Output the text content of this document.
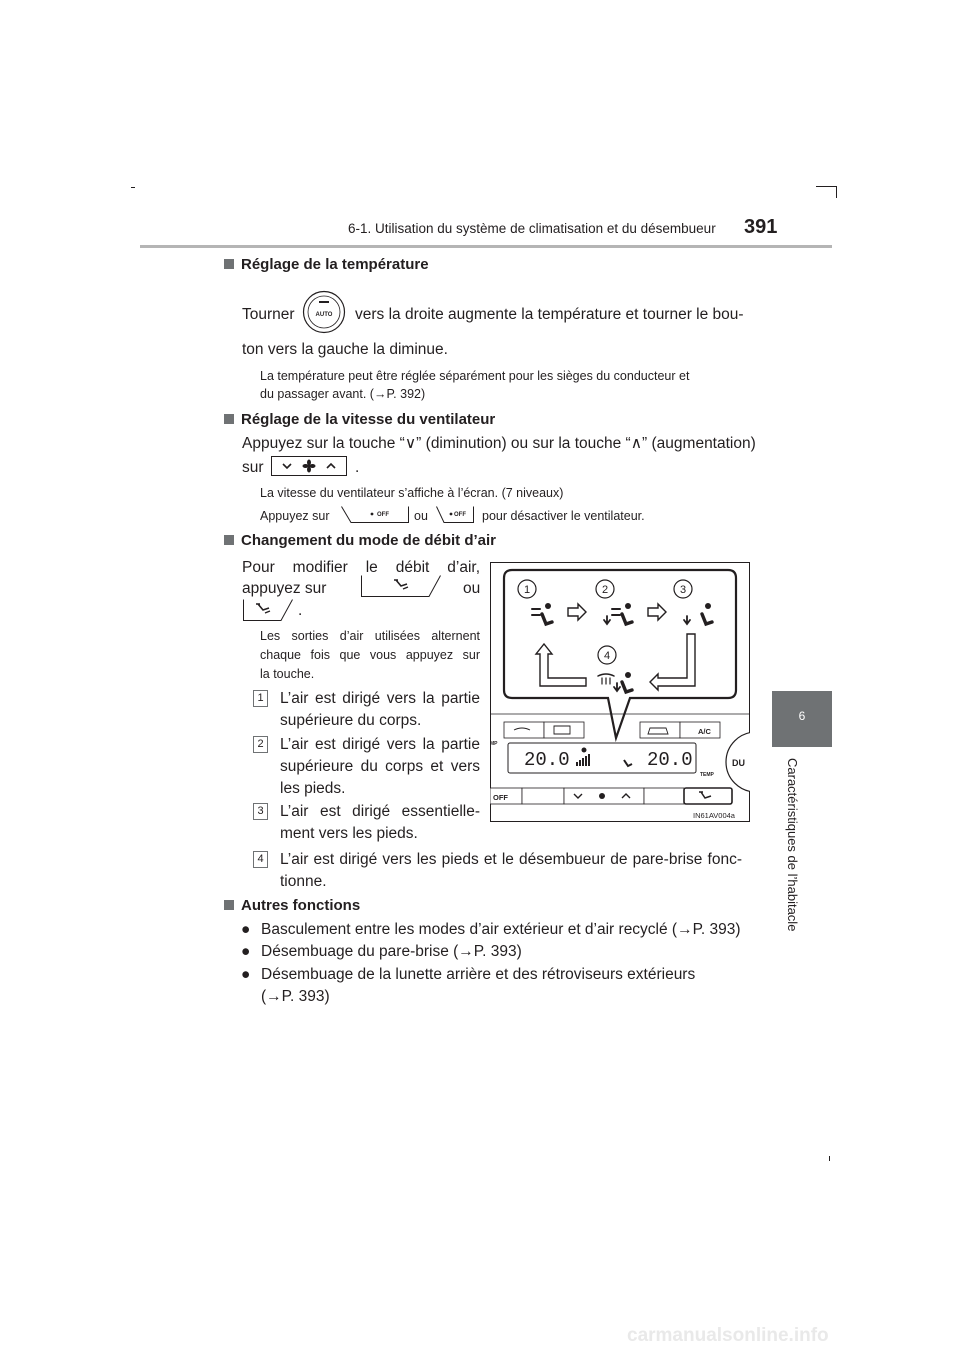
6-1. Utilisation du système de climatisation et du désembueur 391
6
Caractéristiques de l’habitacle
Réglage de la température
Tourner	AUTO vers la droite augmente la température et tourner le bou-
ton vers la gauche la diminue.
La température peut être réglée séparément pour les sièges du conducteur et
du passager avant. (→P. 392)
Réglage de la vitesse du ventilateur
Appuyez sur la touche “∨” (diminution) ou sur la touche “∧” (augmentation)
sur	.
La vitesse du ventilateur s’affiche à l’écran. (7 niveaux)
Appuyez sur	OFF ou	OFF pour désactiver le ventilateur.
Changement du mode de débit d’air
Pour modifier le débit d’air,
appuyez sur	ou
.
Les sorties d’air utilisées alternent
chaque fois que vous appuyez sur
la touche.
1 L’air est dirigé vers la partie
supérieure du corps.
2 L’air est dirigé vers la partie
supérieure du corps et vers
les pieds.
3 L’air est dirigé essentielle-
ment vers les pieds.
4 L’air est dirigé vers les pieds et le désembueur de pare-brise fonc-
tionne.
1	2	3
4
A/C
20.0	20.0
MP
TEMP
DU
OFF
IN61AV004a
Autres fonctions
● Basculement entre les modes d’air extérieur et d’air recyclé (→P. 393)
● Désembuage du pare-brise (→P. 393)
● Désembuage de la lunette arrière et des rétroviseurs extérieurs
(→P. 393)
carmanualsonline.info
